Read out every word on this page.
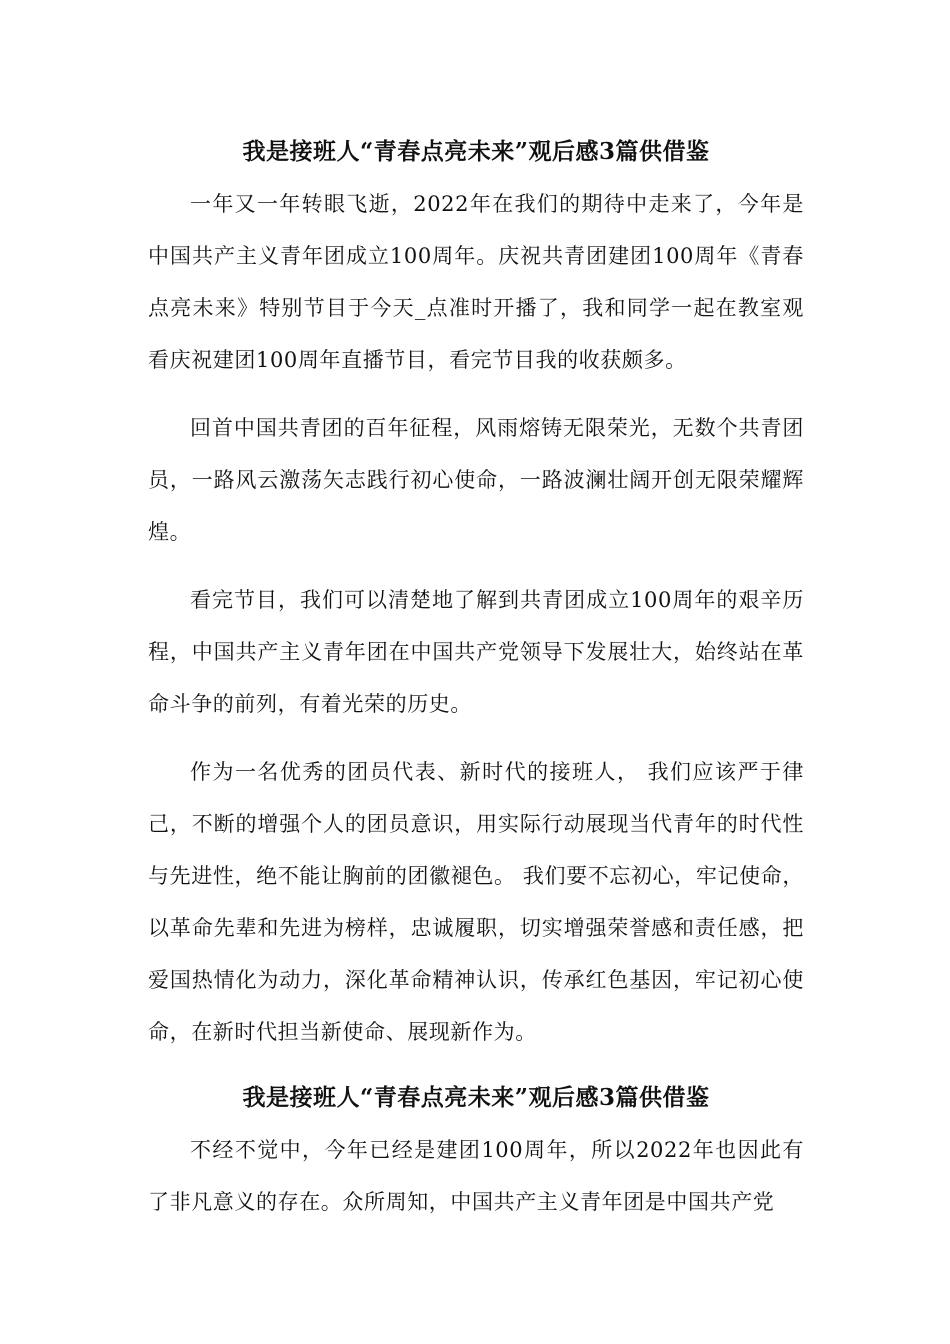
我是接班人“青春点亮未来”观后感3篇供借鉴

一年又一年转眼飞逝，2022年在我们的期待中走来了，今年是中国共产主义青年团成立100周年。庆祝共青团建团100周年《青春点亮未来》特别节目于今天_点准时开播了，我和同学一起在教室观看庆祝建团100周年直播节目，看完节目我的收获颇多。

回首中国共青团的百年征程，风雨熔铸无限荣光，无数个共青团员，一路风云激荡矢志践行初心使命，一路波澜壮阔开创无限荣耀辉煌。

看完节目，我们可以清楚地了解到共青团成立100周年的艰辛历程，中国共产主义青年团在中国共产党领导下发展壮大，始终站在革命斗争的前列，有着光荣的历史。

作为一名优秀的团员代表、新时代的接班人， 我们应该严于律己，不断的增强个人的团员意识，用实际行动展现当代青年的时代性与先进性，绝不能让胸前的团徽褪色。 我们要不忘初心，牢记使命，以革命先辈和先进为榜样，忠诚履职，切实增强荣誉感和责任感，把爱国热情化为动力，深化革命精神认识，传承红色基因，牢记初心使命，在新时代担当新使命、展现新作为。

我是接班人“青春点亮未来”观后感3篇供借鉴

不经不觉中，今年已经是建团100周年，所以2022年也因此有了非凡意义的存在。众所周知，中国共产主义青年团是中国共产党
